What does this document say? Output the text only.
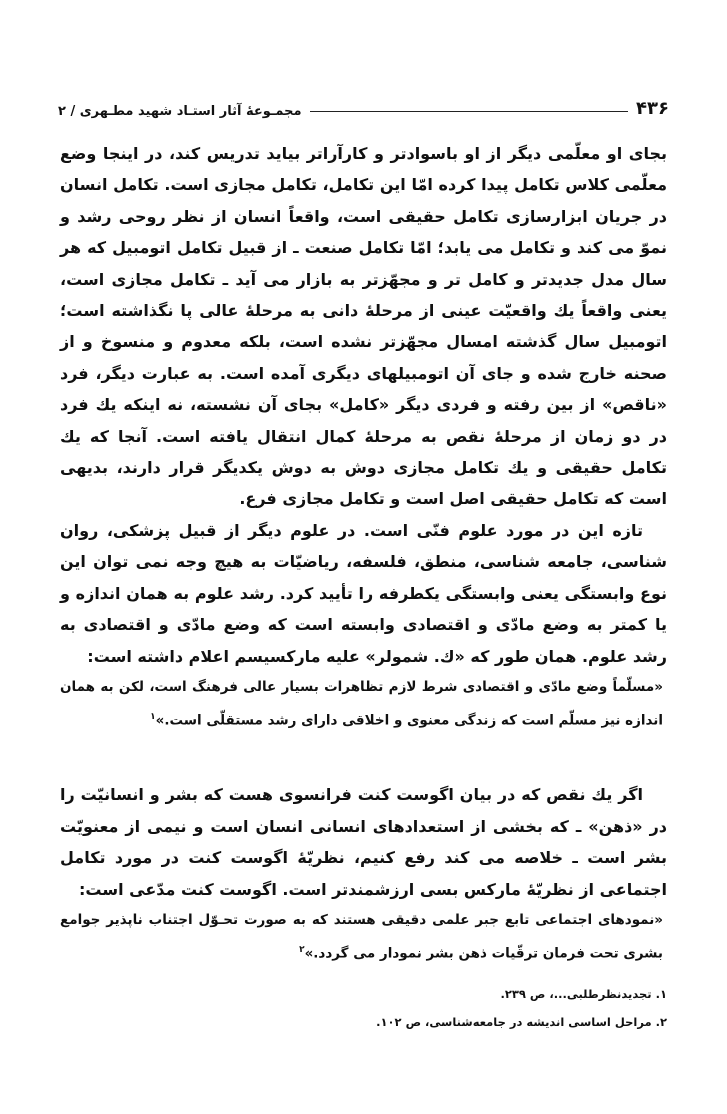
۴۳۶
مجمـوعهٔ آثار استـاد شهید مطـهری / ۲

بجای او معلّمی دیگر از او باسوادتر و کارآراتر بیاید تدریس کند، در اینجا وضع معلّمی کلاس تکامل پیدا کرده امّا این تکامل، تکامل مجازی است. تکامل انسان در جریان ابزارسازی تکامل حقیقی است، واقعاً انسان از نظر روحی رشد و نموّ می کند و تکامل می یابد؛ امّا تکامل صنعت ـ از قبیل تکامل اتومبیل که هر سال مدل جدیدتر و کامل تر و مجهّزتر به بازار می آید ـ تکامل مجازی است، یعنی واقعاً یك واقعیّت عینی از مرحلهٔ دانی به مرحلهٔ عالی پا نگذاشته است؛ اتومبیل سال گذشته امسال مجهّزتر نشده است، بلکه معدوم و منسوخ و از صحنه خارج شده و جای آن اتومبیلهای دیگری آمده است. به عبارت دیگر، فرد «ناقص» از بین رفته و فردی دیگر «کامل» بجای آن نشسته، نه اینکه یك فرد در دو زمان از مرحلهٔ نقص به مرحلهٔ کمال انتقال یافته است. آنجا که یك تکامل حقیقی و یك تکامل مجازی دوش به دوش یکدیگر قرار دارند، بدیهی است که تکامل حقیقی اصل است و تکامل مجازی فرع.

تازه این در مورد علوم فنّی است. در علوم دیگر از قبیل پزشکی، روان شناسی، جامعه شناسی، منطق، فلسفه، ریاضیّات به هیچ وجه نمی توان این نوع وابستگی یعنی وابستگی یکطرفه را تأیید کرد. رشد علوم به همان اندازه و یا کمتر به وضع مادّی و اقتصادی وابسته است که وضع مادّی و اقتصادی به رشد علوم. همان طور که «ك. شمولر» علیه مارکسیسم اعلام داشته است:

«مسلّماً وضع مادّی و اقتصادی شرط لازم تظاهرات بسیار عالی فرهنگ است، لکن به همان اندازه نیز مسلّم است که زندگی معنوی و اخلاقی دارای رشد مستقلّی است.»$^۱$

اگر یك نقص که در بیان اگوست کنت فرانسوی هست که بشر و انسانیّت را در «ذهن» ـ که بخشی از استعدادهای انسانی انسان است و نیمی از معنویّت بشر است ـ خلاصه می کند رفع کنیم، نظریّهٔ اگوست کنت در مورد تکامل اجتماعی از نظریّهٔ مارکس بسی ارزشمندتر است. اگوست کنت مدّعی است:

«نمودهای اجتماعی تابع جبر علمی دقیقی هستند که به صورت تحـوّل اجتناب ناپذیر جوامع بشری تحت فرمان ترقّیات ذهن بشر نمودار می گردد.»$^۲$

۱. تجدیدنظرطلبی...، ص ۲۳۹.

۲. مراحل اساسی اندیشه در جامعه‌شناسی، ص ۱۰۲.
